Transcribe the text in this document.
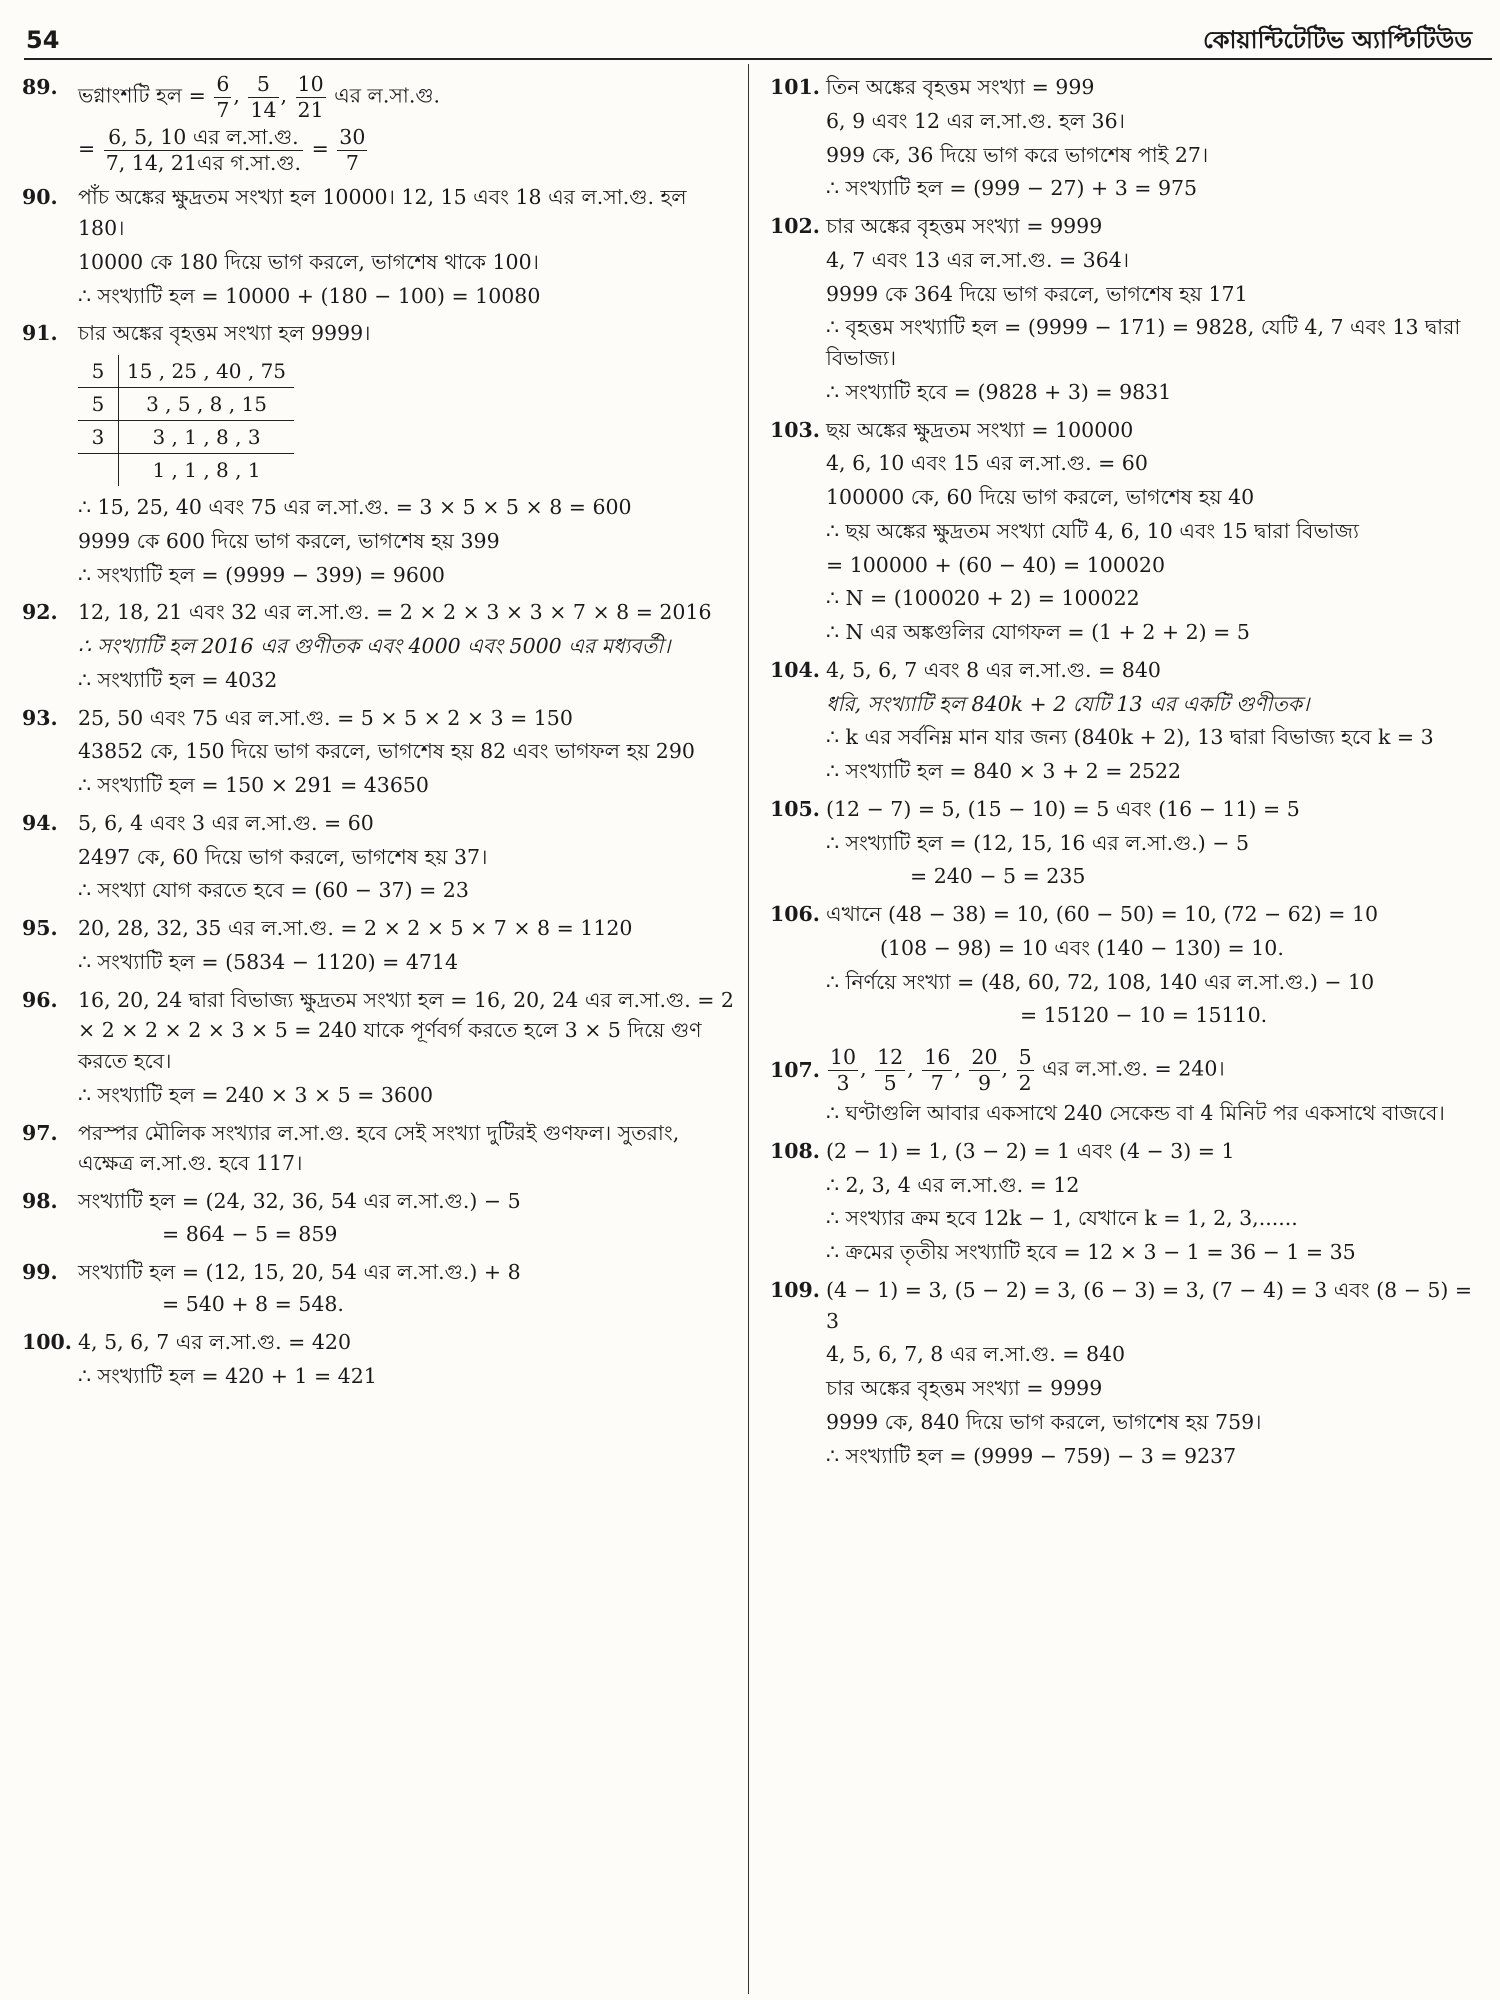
54	কোয়ান্টিটেটিভ অ্যাপ্টিটিউড
89. ভগ্নাংশটি হল = $\frac{6}{7}$ , $\frac{5}{14}$ , $\frac{10}{21}$ এর ল.সা.গু.
= $\frac{\text{6, 5, 10 এর ল.সা.গু.}}{\text{7, 14, 21এর গ.সা.গু.}} = \frac{30}{7}$
90. পাঁচ অঙ্কের ক্ষুদ্রতম সংখ্যা হল 10000। 12, 15 এবং 18 এর ল.সা.গু. হল 180।
10000 কে 180 দিয়ে ভাগ করলে, ভাগশেষ থাকে 100।
∴ সংখ্যাটি হল = 10000 + (180 − 100) = 10080
91. চার অঙ্কের বৃহত্তম সংখ্যা হল 9999।
5	15 , 25 , 40 , 75
5	3 , 5 , 8 , 15
3	3 , 1 , 8 , 3
	1 , 1 , 8 , 1
∴ 15, 25, 40 এবং 75 এর ল.সা.গু. = 3 × 5 × 5 × 8 = 600
9999 কে 600 দিয়ে ভাগ করলে, ভাগশেষ হয় 399
∴ সংখ্যাটি হল = (9999 − 399) = 9600
92. 12, 18, 21 এবং 32 এর ল.সা.গু. = 2 × 2 × 3 × 3 × 7 × 8 = 2016
∴ সংখ্যাটি হল 2016 এর গুণীতক এবং 4000 এবং 5000 এর মধ্যবর্তী।
∴ সংখ্যাটি হল = 4032
93. 25, 50 এবং 75 এর ল.সা.গু. = 5 × 5 × 2 × 3 = 150
43852 কে, 150 দিয়ে ভাগ করলে, ভাগশেষ হয় 82 এবং ভাগফল হয় 290
∴ সংখ্যাটি হল = 150 × 291 = 43650
94. 5, 6, 4 এবং 3 এর ল.সা.গু. = 60
2497 কে, 60 দিয়ে ভাগ করলে, ভাগশেষ হয় 37।
∴ সংখ্যা যোগ করতে হবে = (60 − 37) = 23
95. 20, 28, 32, 35 এর ল.সা.গু. = 2 × 2 × 5 × 7 × 8 = 1120
∴ সংখ্যাটি হল = (5834 − 1120) = 4714
96. 16, 20, 24 দ্বারা বিভাজ্য ক্ষুদ্রতম সংখ্যা হল = 16, 20, 24 এর ল.সা.গু. = 2 × 2 × 2 × 2 × 3 × 5 = 240 যাকে পূর্ণবর্গ করতে হলে 3 × 5 দিয়ে গুণ করতে হবে।
∴ সংখ্যাটি হল = 240 × 3 × 5 = 3600
97. পরস্পর মৌলিক সংখ্যার ল.সা.গু. হবে সেই সংখ্যা দুটিরই গুণফল। সুতরাং, এক্ষেত্র ল.সা.গু. হবে 117।
98. সংখ্যাটি হল = (24, 32, 36, 54 এর ল.সা.গু.) − 5
= 864 − 5 = 859
99. সংখ্যাটি হল = (12, 15, 20, 54 এর ল.সা.গু.) + 8
= 540 + 8 = 548.
100. 4, 5, 6, 7 এর ল.সা.গু. = 420
∴ সংখ্যাটি হল = 420 + 1 = 421
101. তিন অঙ্কের বৃহত্তম সংখ্যা = 999
6, 9 এবং 12 এর ল.সা.গু. হল 36।
999 কে, 36 দিয়ে ভাগ করে ভাগশেষ পাই 27।
∴ সংখ্যাটি হল = (999 − 27) + 3 = 975
102. চার অঙ্কের বৃহত্তম সংখ্যা = 9999
4, 7 এবং 13 এর ল.সা.গু. = 364।
9999 কে 364 দিয়ে ভাগ করলে, ভাগশেষ হয় 171
∴ বৃহত্তম সংখ্যাটি হল = (9999 − 171) = 9828, যেটি 4, 7 এবং 13 দ্বারা বিভাজ্য।
∴ সংখ্যাটি হবে = (9828 + 3) = 9831
103. ছয় অঙ্কের ক্ষুদ্রতম সংখ্যা = 100000
4, 6, 10 এবং 15 এর ল.সা.গু. = 60
100000 কে, 60 দিয়ে ভাগ করলে, ভাগশেষ হয় 40
∴ ছয় অঙ্কের ক্ষুদ্রতম সংখ্যা যেটি 4, 6, 10 এবং 15 দ্বারা বিভাজ্য
= 100000 + (60 − 40) = 100020
∴ N = (100020 + 2) = 100022
∴ N এর অঙ্কগুলির যোগফল = (1 + 2 + 2) = 5
104. 4, 5, 6, 7 এবং 8 এর ল.সা.গু. = 840
ধরি, সংখ্যাটি হল 840k + 2 যেটি 13 এর একটি গুণীতক।
∴ k এর সর্বনিম্ন মান যার জন্য (840k + 2), 13 দ্বারা বিভাজ্য হবে k = 3
∴ সংখ্যাটি হল = 840 × 3 + 2 = 2522
105. (12 − 7) = 5, (15 − 10) = 5 এবং (16 − 11) = 5
∴ সংখ্যাটি হল = (12, 15, 16 এর ল.সা.গু.) − 5
= 240 − 5 = 235
106. এখানে (48 − 38) = 10, (60 − 50) = 10, (72 − 62) = 10
(108 − 98) = 10 এবং (140 − 130) = 10.
∴ নির্ণয়ে সংখ্যা = (48, 60, 72, 108, 140 এর ল.সা.গু.) − 10
= 15120 − 10 = 15110.
107. $\frac{10}{3}$ , $\frac{12}{5}$ , $\frac{16}{7}$ , $\frac{20}{9}$ , $\frac{5}{2}$ এর ল.সা.গু. = 240।
∴ ঘণ্টাগুলি আবার একসাথে 240 সেকেন্ড বা 4 মিনিট পর একসাথে বাজবে।
108. (2 − 1) = 1, (3 − 2) = 1 এবং (4 − 3) = 1
∴ 2, 3, 4 এর ল.সা.গু. = 12
∴ সংখ্যার ক্রম হবে 12k − 1, যেখানে k = 1, 2, 3,......
∴ ক্রমের তৃতীয় সংখ্যাটি হবে = 12 × 3 − 1 = 36 − 1 = 35
109. (4 − 1) = 3, (5 − 2) = 3, (6 − 3) = 3, (7 − 4) = 3 এবং (8 − 5) = 3
4, 5, 6, 7, 8 এর ল.সা.গু. = 840
চার অঙ্কের বৃহত্তম সংখ্যা = 9999
9999 কে, 840 দিয়ে ভাগ করলে, ভাগশেষ হয় 759।
∴ সংখ্যাটি হল = (9999 − 759) − 3 = 9237
